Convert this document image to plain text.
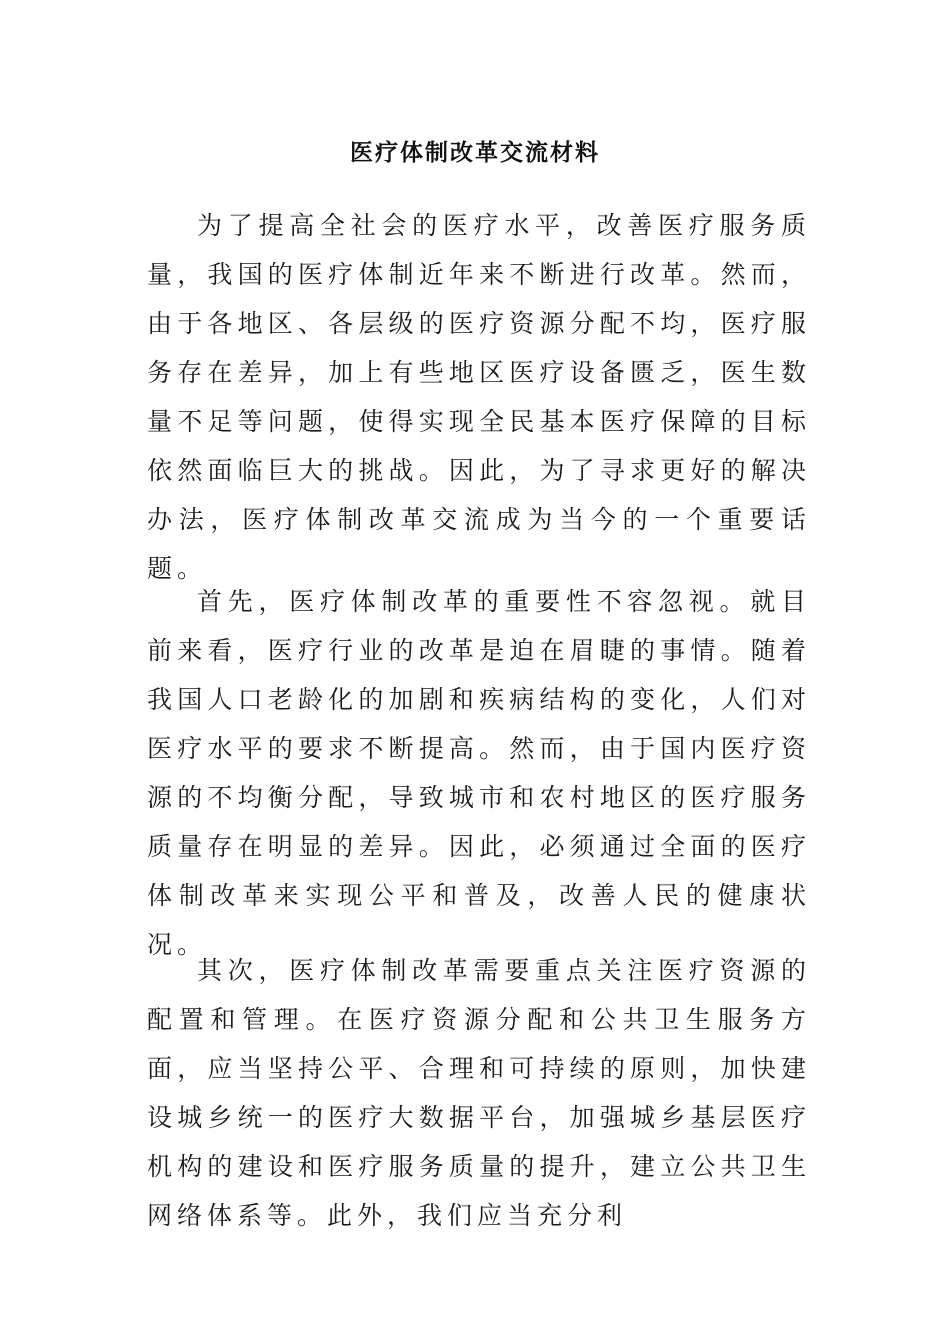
医疗体制改革交流材料

为了提高全社会的医疗水平，改善医疗服务质量，我国的医疗体制近年来不断进行改革。然而，由于各地区、各层级的医疗资源分配不均，医疗服务存在差异，加上有些地区医疗设备匮乏，医生数量不足等问题，使得实现全民基本医疗保障的目标依然面临巨大的挑战。因此，为了寻求更好的解决办法，医疗体制改革交流成为当今的一个重要话题。

首先，医疗体制改革的重要性不容忽视。就目前来看，医疗行业的改革是迫在眉睫的事情。随着我国人口老龄化的加剧和疾病结构的变化，人们对医疗水平的要求不断提高。然而，由于国内医疗资源的不均衡分配，导致城市和农村地区的医疗服务质量存在明显的差异。因此，必须通过全面的医疗体制改革来实现公平和普及，改善人民的健康状况。

其次，医疗体制改革需要重点关注医疗资源的配置和管理。在医疗资源分配和公共卫生服务方面，应当坚持公平、合理和可持续的原则，加快建设城乡统一的医疗大数据平台，加强城乡基层医疗机构的建设和医疗服务质量的提升，建立公共卫生网络体系等。此外，我们应当充分利
